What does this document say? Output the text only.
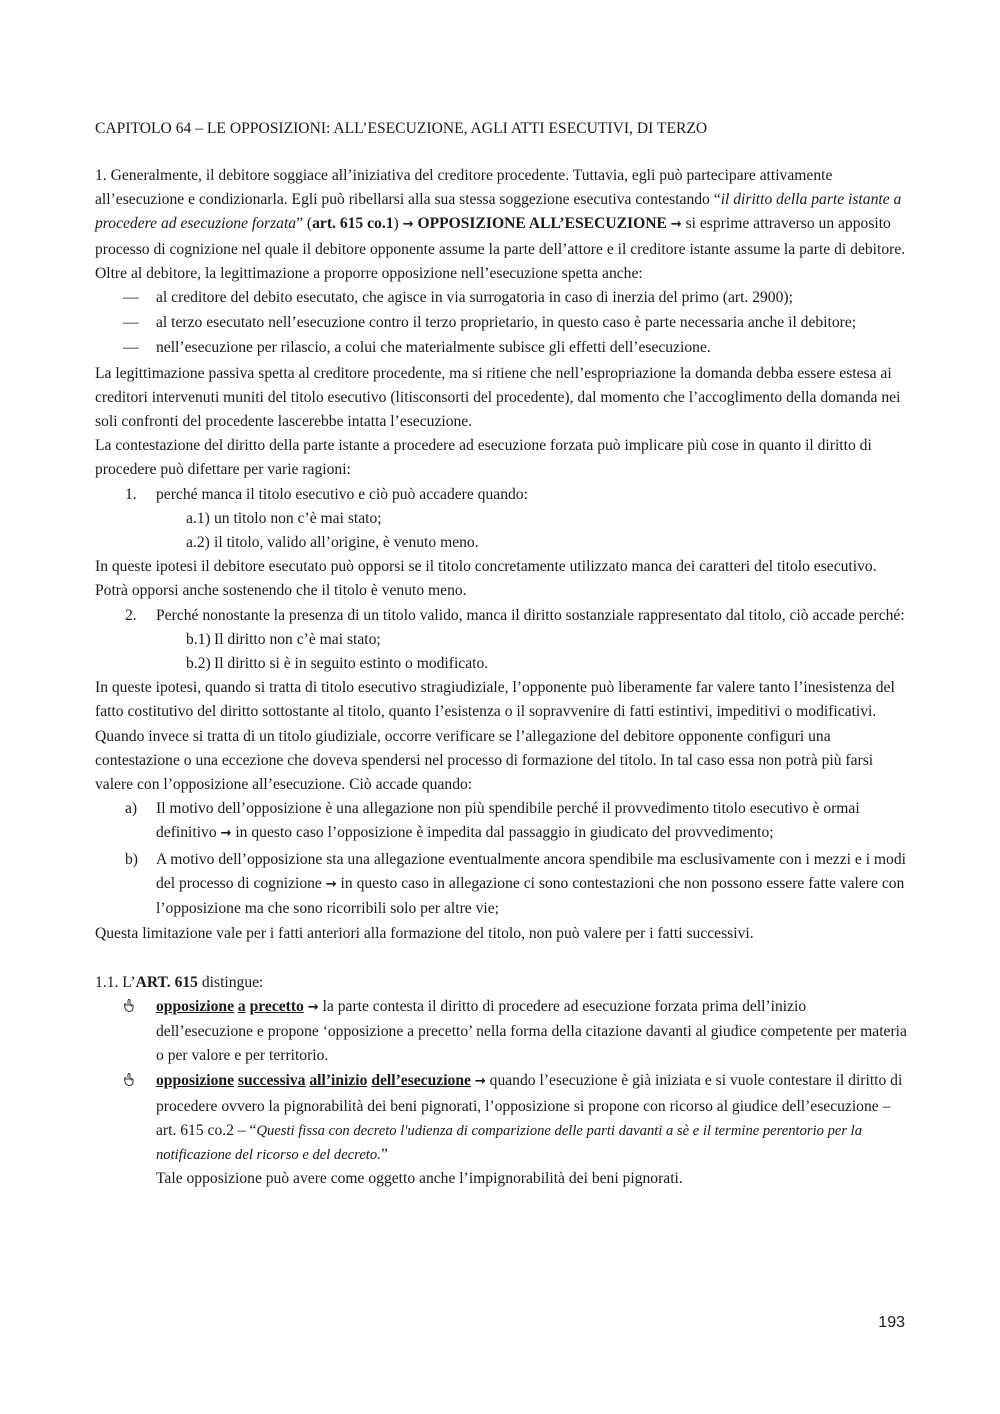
CAPITOLO 64 – LE OPPOSIZIONI: ALL’ESECUZIONE, AGLI ATTI ESECUTIVI, DI TERZO

1. Generalmente, il debitore soggiace all’iniziativa del creditore procedente. Tuttavia, egli può partecipare attivamente all’esecuzione e condizionarla. Egli può ribellarsi alla sua stessa soggezione esecutiva contestando “il diritto della parte istante a procedere ad esecuzione forzata” (art. 615 co.1) → OPPOSIZIONE ALL’ESECUZIONE → si esprime attraverso un apposito processo di cognizione nel quale il debitore opponente assume la parte dell’attore e il creditore istante assume la parte di debitore.

Oltre al debitore, la legittimazione a proporre opposizione nell’esecuzione spetta anche:

— al creditore del debito esecutato, che agisce in via surrogatoria in caso di inerzia del primo (art. 2900);
— al terzo esecutato nell’esecuzione contro il terzo proprietario, in questo caso è parte necessaria anche il debitore;
— nell’esecuzione per rilascio, a colui che materialmente subisce gli effetti dell’esecuzione.

La legittimazione passiva spetta al creditore procedente, ma si ritiene che nell’espropriazione la domanda debba essere estesa ai creditori intervenuti muniti del titolo esecutivo (litisconsorti del procedente), dal momento che l’accoglimento della domanda nei soli confronti del procedente lascerebbe intatta l’esecuzione.

La contestazione del diritto della parte istante a procedere ad esecuzione forzata può implicare più cose in quanto il diritto di procedere può difettare per varie ragioni:

1. perché manca il titolo esecutivo e ciò può accadere quando:
a.1) un titolo non c’è mai stato;
a.2) il titolo, valido all’origine, è venuto meno.

In queste ipotesi il debitore esecutato può opporsi se il titolo concretamente utilizzato manca dei caratteri del titolo esecutivo. Potrà opporsi anche sostenendo che il titolo è venuto meno.

2. Perché nonostante la presenza di un titolo valido, manca il diritto sostanziale rappresentato dal titolo, ciò accade perché:
b.1) Il diritto non c’è mai stato;
b.2) Il diritto si è in seguito estinto o modificato.

In queste ipotesi, quando si tratta di titolo esecutivo stragiudiziale, l’opponente può liberamente far valere tanto l’inesistenza del fatto costitutivo del diritto sottostante al titolo, quanto l’esistenza o il sopravvenire di fatti estintivi, impeditivi o modificativi.

Quando invece si tratta di un titolo giudiziale, occorre verificare se l’allegazione del debitore opponente configuri una contestazione o una eccezione che doveva spendersi nel processo di formazione del titolo. In tal caso essa non potrà più farsi valere con l’opposizione all’esecuzione. Ciò accade quando:

a) Il motivo dell’opposizione è una allegazione non più spendibile perché il provvedimento titolo esecutivo è ormai definitivo → in questo caso l’opposizione è impedita dal passaggio in giudicato del provvedimento;
b) A motivo dell’opposizione sta una allegazione eventualmente ancora spendibile ma esclusivamente con i mezzi e i modi del processo di cognizione → in questo caso in allegazione ci sono contestazioni che non possono essere fatte valere con l’opposizione ma che sono ricorribili solo per altre vie;

Questa limitazione vale per i fatti anteriori alla formazione del titolo, non può valere per i fatti successivi.

1.1. L’ART. 615 distingue:

opposizione a precetto → la parte contesta il diritto di procedere ad esecuzione forzata prima dell’inizio dell’esecuzione e propone ‘opposizione a precetto’ nella forma della citazione davanti al giudice competente per materia o per valore e per territorio.
opposizione successiva all’inizio dell’esecuzione → quando l’esecuzione è già iniziata e si vuole contestare il diritto di procedere ovvero la pignorabilità dei beni pignorati, l’opposizione si propone con ricorso al giudice dell’esecuzione – art. 615 co.2 – “Questi fissa con decreto l'udienza di comparizione delle parti davanti a sè e il termine perentorio per la notificazione del ricorso e del decreto.”
Tale opposizione può avere come oggetto anche l’impignorabilità dei beni pignorati.
193
